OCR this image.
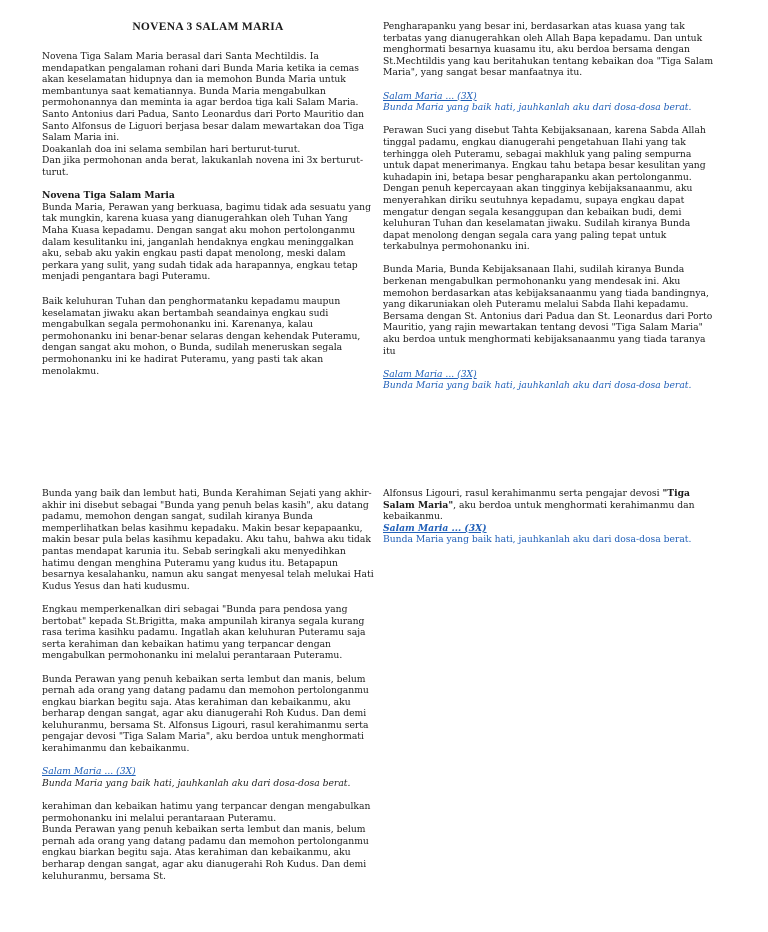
NOVENA 3 SALAM MARIA

Novena Tiga Salam Maria berasal dari Santa Mechtildis. Ia mendapatkan pengalaman rohani dari Bunda Maria ketika ia cemas akan keselamatan hidupnya dan ia memohon Bunda Maria untuk membantunya saat kematiannya. Bunda Maria mengabulkan permohonannya dan meminta ia agar berdoa tiga kali Salam Maria.

Santo Antonius dari Padua, Santo Leonardus dari Porto Mauritio dan Santo Alfonsus de Liguori berjasa besar dalam mewartakan doa Tiga Salam Maria ini.

Doakanlah doa ini selama sembilan hari berturut-turut.

Dan jika permohonan anda berat, lakukanlah novena ini 3x berturut-turut.

Novena Tiga Salam Maria

Bunda Maria, Perawan yang berkuasa, bagimu tidak ada sesuatu yang tak mungkin, karena kuasa yang dianugerahkan oleh Tuhan Yang Maha Kuasa kepadamu. Dengan sangat aku mohon pertolonganmu dalam kesulitanku ini, janganlah hendaknya engkau meninggalkan aku, sebab aku yakin engkau pasti dapat menolong, meski dalam perkara yang sulit, yang sudah tidak ada harapannya, engkau tetap menjadi pengantara bagi Puteramu.

Baik keluhuran Tuhan dan penghormatanku kepadamu maupun keselamatan jiwaku akan bertambah seandainya engkau sudi mengabulkan segala permohonanku ini. Karenanya, kalau permohonanku ini benar-benar selaras dengan kehendak Puteramu, dengan sangat aku mohon, o Bunda, sudilah meneruskan segala permohonanku ini ke hadirat Puteramu, yang pasti tak akan menolakmu.

Pengharapanku yang besar ini, berdasarkan atas kuasa yang tak terbatas yang dianugerahkan oleh Allah Bapa kepadamu. Dan untuk menghormati besarnya kuasamu itu, aku berdoa bersama dengan St.Mechtildis yang kau beritahukan tentang kebaikan doa "Tiga Salam Maria", yang sangat besar manfaatnya itu.

Salam Maria ... (3X)

Bunda Maria yang baik hati, jauhkanlah aku dari dosa-dosa berat.

Perawan Suci yang disebut Tahta Kebijaksanaan, karena Sabda Allah tinggal padamu, engkau dianugerahi pengetahuan Ilahi yang tak terhingga oleh Puteramu, sebagai makhluk yang paling sempurna untuk dapat menerimanya. Engkau tahu betapa besar kesulitan yang kuhadapin ini, betapa besar pengharapanku akan pertolonganmu. Dengan penuh kepercayaan akan tingginya kebijaksanaanmu, aku menyerahkan diriku seutuhnya kepadamu, supaya engkau dapat mengatur dengan segala kesanggupan dan kebaikan budi, demi keluhuran Tuhan dan keselamatan jiwaku. Sudilah kiranya Bunda dapat menolong dengan segala cara yang paling tepat untuk terkabulnya permohonanku ini.

Bunda Maria, Bunda Kebijaksanaan Ilahi, sudilah kiranya Bunda berkenan mengabulkan permohonanku yang mendesak ini. Aku memohon berdasarkan atas kebijaksanaanmu yang tiada bandingnya, yang dikaruniakan oleh Puteramu melalui Sabda Ilahi kepadamu.

Bersama dengan St. Antonius dari Padua dan St. Leonardus dari Porto Mauritio, yang rajin mewartakan tentang devosi "Tiga Salam Maria" aku berdoa untuk menghormati kebijaksanaanmu yang tiada taranya itu

Salam Maria ... (3X)

Bunda Maria yang baik hati, jauhkanlah aku dari dosa-dosa berat.

Bunda yang baik dan lembut hati, Bunda Kerahiman Sejati yang akhir-akhir ini disebut sebagai "Bunda yang penuh belas kasih", aku datang padamu, memohon dengan sangat, sudilah kiranya Bunda memperlihatkan belas kasihmu kepadaku. Makin besar kepapaanku, makin besar pula belas kasihmu kepadaku. Aku tahu, bahwa aku tidak pantas mendapat karunia itu. Sebab seringkali aku menyedihkan hatimu dengan menghina Puteramu yang kudus itu. Betapapun besarnya kesalahanku, namun aku sangat menyesal telah melukai Hati Kudus Yesus dan hati kudusmu.

Engkau memperkenalkan diri sebagai "Bunda para pendosa yang bertobat" kepada St.Brigitta, maka ampunilah kiranya segala kurang rasa terima kasihku padamu. Ingatlah akan keluhuran Puteramu saja serta kerahiman dan kebaikan hatimu yang terpancar dengan mengabulkan permohonanku ini melalui perantaraan Puteramu.

Bunda Perawan yang penuh kebaikan serta lembut dan manis, belum pernah ada orang yang datang padamu dan memohon pertolonganmu engkau biarkan begitu saja. Atas kerahiman dan kebaikanmu, aku berharap dengan sangat, agar aku dianugerahi Roh Kudus. Dan demi keluhuranmu, bersama St. Alfonsus Ligouri, rasul kerahimanmu serta pengajar devosi "Tiga Salam Maria", aku berdoa untuk menghormati kerahimanmu dan kebaikanmu.

Salam Maria ... (3X)

Bunda Maria yang baik hati, jauhkanlah aku dari dosa-dosa berat.

kerahiman dan kebaikan hatimu yang terpancar dengan mengabulkan permohonanku ini melalui perantaraan Puteramu.

Bunda Perawan yang penuh kebaikan serta lembut dan manis, belum pernah ada orang yang datang padamu dan memohon pertolonganmu engkau biarkan begitu saja. Atas kerahiman dan kebaikanmu, aku berharap dengan sangat, agar aku dianugerahi Roh Kudus. Dan demi keluhuranmu, bersama St.

Alfonsus Ligouri, rasul kerahimanmu serta pengajar devosi "Tiga Salam Maria", aku berdoa untuk menghormati kerahimanmu dan kebaikanmu.

Salam Maria ... (3X)

Bunda Maria yang baik hati, jauhkanlah aku dari dosa-dosa berat.
